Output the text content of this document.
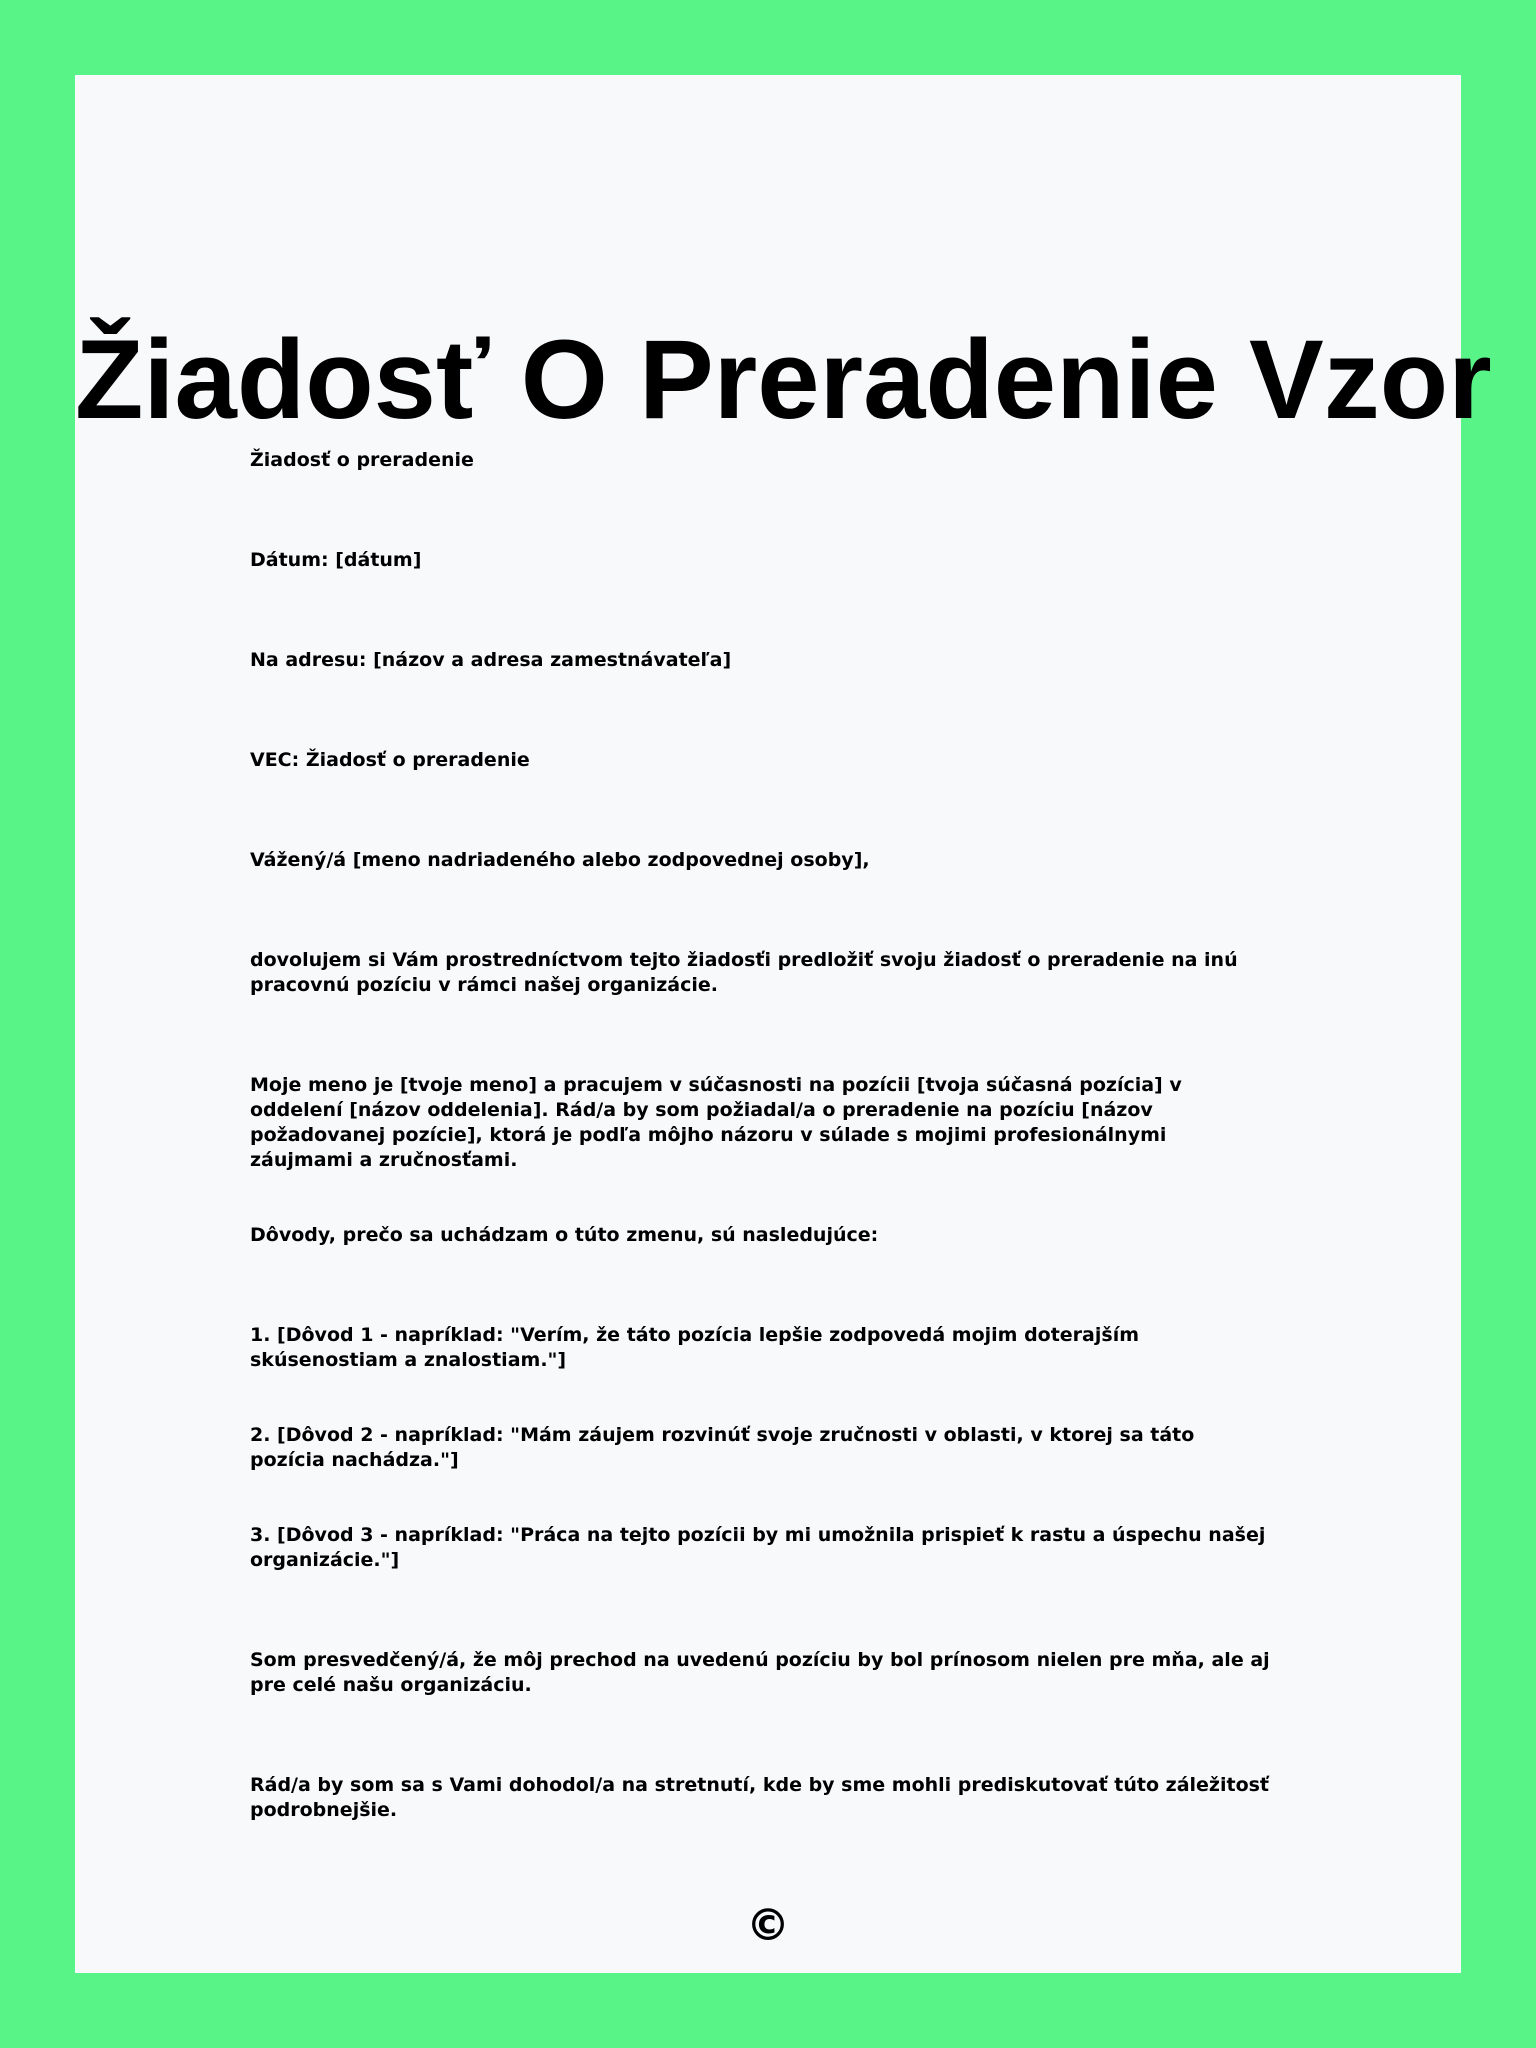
Žiadosť O Preradenie Vzor

Žiadosť o preradenie

Dátum: [dátum]

Na adresu: [názov a adresa zamestnávateľa]

VEC: Žiadosť o preradenie

Vážený/á [meno nadriadeného alebo zodpovednej osoby],

dovolujem si Vám prostredníctvom tejto žiadosťi predložiť svoju žiadosť o preradenie na inú pracovnú pozíciu v rámci našej organizácie.

Moje meno je [tvoje meno] a pracujem v súčasnosti na pozícii [tvoja súčasná pozícia] v oddelení [názov oddelenia]. Rád/a by som požiadal/a o preradenie na pozíciu [názov požadovanej pozície], ktorá je podľa môjho názoru v súlade s mojimi profesionálnymi záujmami a zručnosťami.

Dôvody, prečo sa uchádzam o túto zmenu, sú nasledujúce:

1. [Dôvod 1 - napríklad: "Verím, že táto pozícia lepšie zodpovedá mojim doterajším skúsenostiam a znalostiam."]

2. [Dôvod 2 - napríklad: "Mám záujem rozvinúť svoje zručnosti v oblasti, v ktorej sa táto pozícia nachádza."]

3. [Dôvod 3 - napríklad: "Práca na tejto pozícii by mi umožnila prispieť k rastu a úspechu našej organizácie."]

Som presvedčený/á, že môj prechod na uvedenú pozíciu by bol prínosom nielen pre mňa, ale aj pre celé našu organizáciu.

Rád/a by som sa s Vami dohodol/a na stretnutí, kde by sme mohli prediskutovať túto záležitosť podrobnejšie.

©
